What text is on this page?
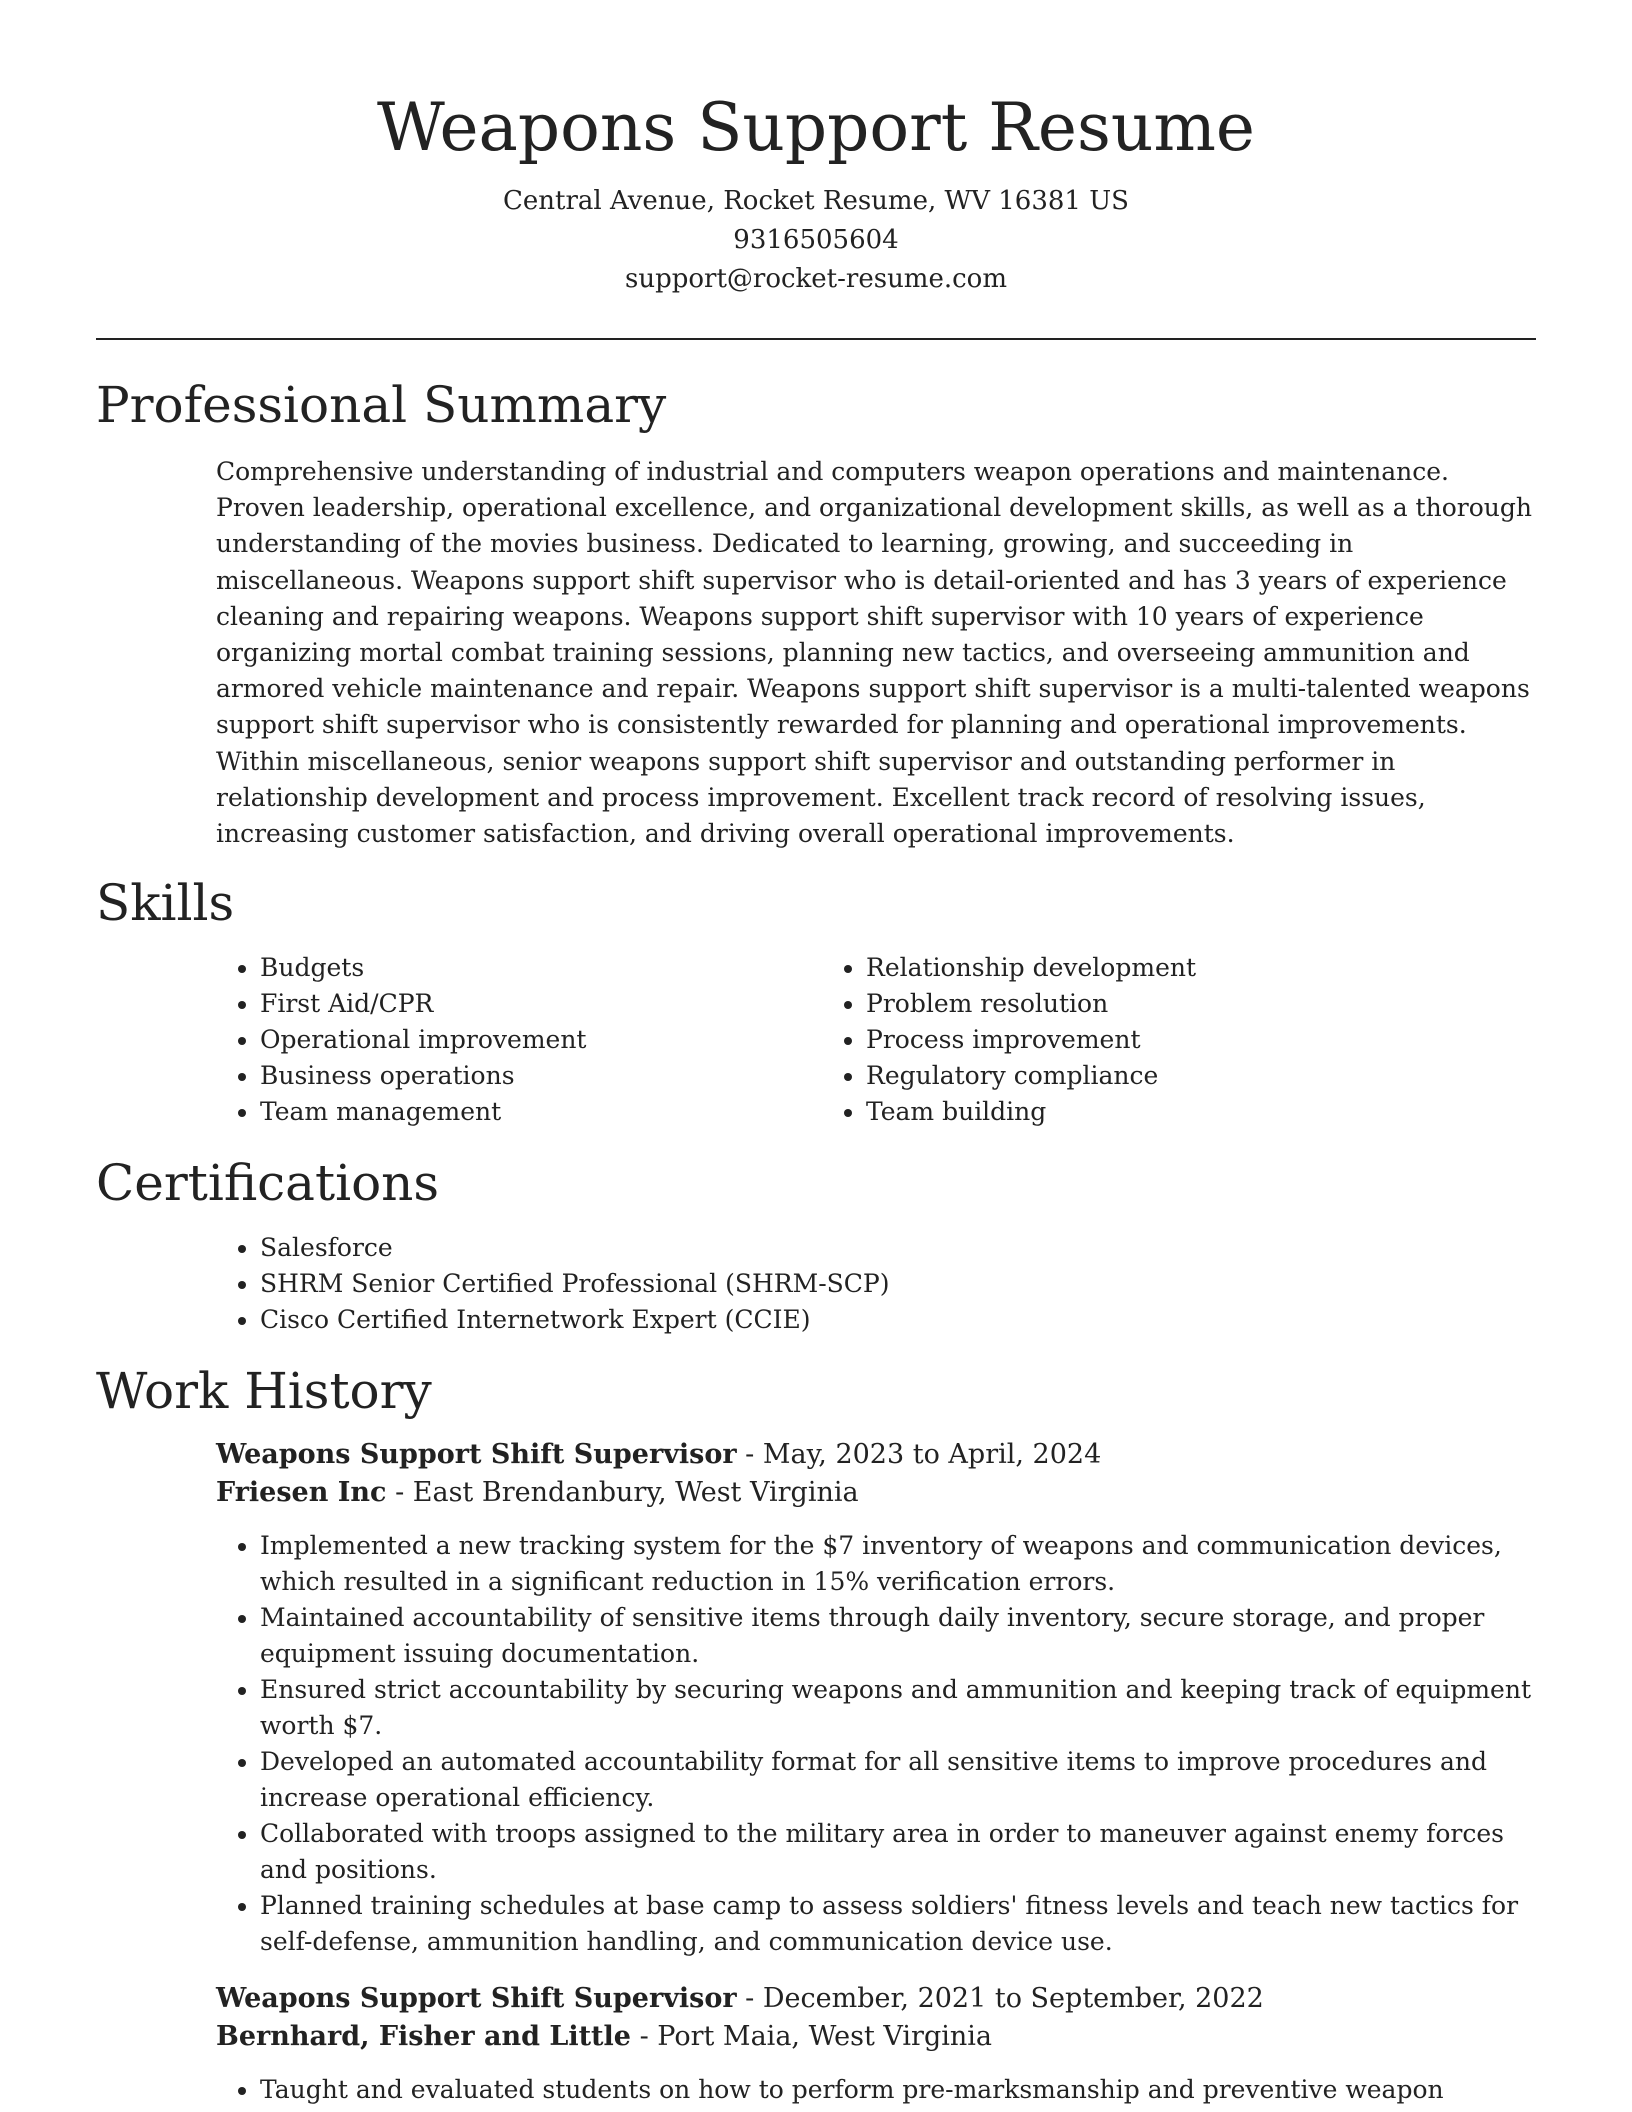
Weapons Support Resume
Central Avenue, Rocket Resume, WV 16381 US
9316505604
support@rocket-resume.com
Professional Summary

Comprehensive understanding of industrial and computers weapon operations and maintenance. Proven leadership, operational excellence, and organizational development skills, as well as a thorough understanding of the movies business. Dedicated to learning, growing, and succeeding in miscellaneous. Weapons support shift supervisor who is detail-oriented and has 3 years of experience cleaning and repairing weapons. Weapons support shift supervisor with 10 years of experience organizing mortal combat training sessions, planning new tactics, and overseeing ammunition and armored vehicle maintenance and repair. Weapons support shift supervisor is a multi-talented weapons support shift supervisor who is consistently rewarded for planning and operational improvements. Within miscellaneous, senior weapons support shift supervisor and outstanding performer in relationship development and process improvement. Excellent track record of resolving issues, increasing customer satisfaction, and driving overall operational improvements.

Skills
• Budgets
• First Aid/CPR
• Operational improvement
• Business operations
• Team management
• Relationship development
• Problem resolution
• Process improvement
• Regulatory compliance
• Team building
Certifications
• Salesforce
• SHRM Senior Certified Professional (SHRM-SCP)
• Cisco Certified Internetwork Expert (CCIE)
Work History
Weapons Support Shift Supervisor - May, 2023 to April, 2024
Friesen Inc - East Brendanbury, West Virginia
• Implemented a new tracking system for the $7 inventory of weapons and communication devices, which resulted in a significant reduction in 15% verification errors.
• Maintained accountability of sensitive items through daily inventory, secure storage, and proper equipment issuing documentation.
• Ensured strict accountability by securing weapons and ammunition and keeping track of equipment worth $7.
• Developed an automated accountability format for all sensitive items to improve procedures and increase operational efficiency.
• Collaborated with troops assigned to the military area in order to maneuver against enemy forces and positions.
• Planned training schedules at base camp to assess soldiers' fitness levels and teach new tactics for self-defense, ammunition handling, and communication device use.
Weapons Support Shift Supervisor - December, 2021 to September, 2022
Bernhard, Fisher and Little - Port Maia, West Virginia
• Taught and evaluated students on how to perform pre-marksmanship and preventive weapon
